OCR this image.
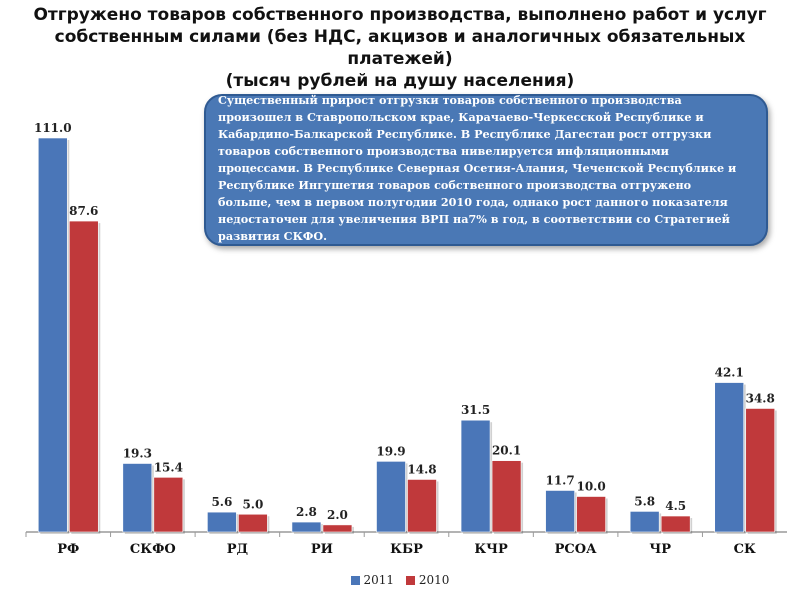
Отгружено товаров собственного производства, выполнено работ и услуг
собственным силами (без НДС, акцизов и аналогичных обязательных
платежей)
(тысяч рублей на душу населения)
111.0
87.6
РФ
19.3
15.4
СКФО
5.6 5.0
РД
2.8 2.0
РИ
19.9
14.8
КБР
31.5
20.1
КЧР
11.7 10.0
РСОА
5.8 4.5
ЧР
42.1
34.8
СК
Существенный прирост отгрузки товаров собственного производства произошел в Ставропольском крае, Карачаево-Черкесской Республике и Кабардино-Балкарской Республике. В Республике Дагестан рост отгрузки товаров собственного производства нивелируется инфляционными процессами. В Республике Северная Осетия-Алания, Чеченской Республике и Республике Ингушетия товаров собственного производства отгружено больше, чем в первом полугодии 2010 года, однако рост данного показателя недостаточен для увеличения ВРП на7% в год, в соответствии со Стратегией развития СКФО.
2011 2010
